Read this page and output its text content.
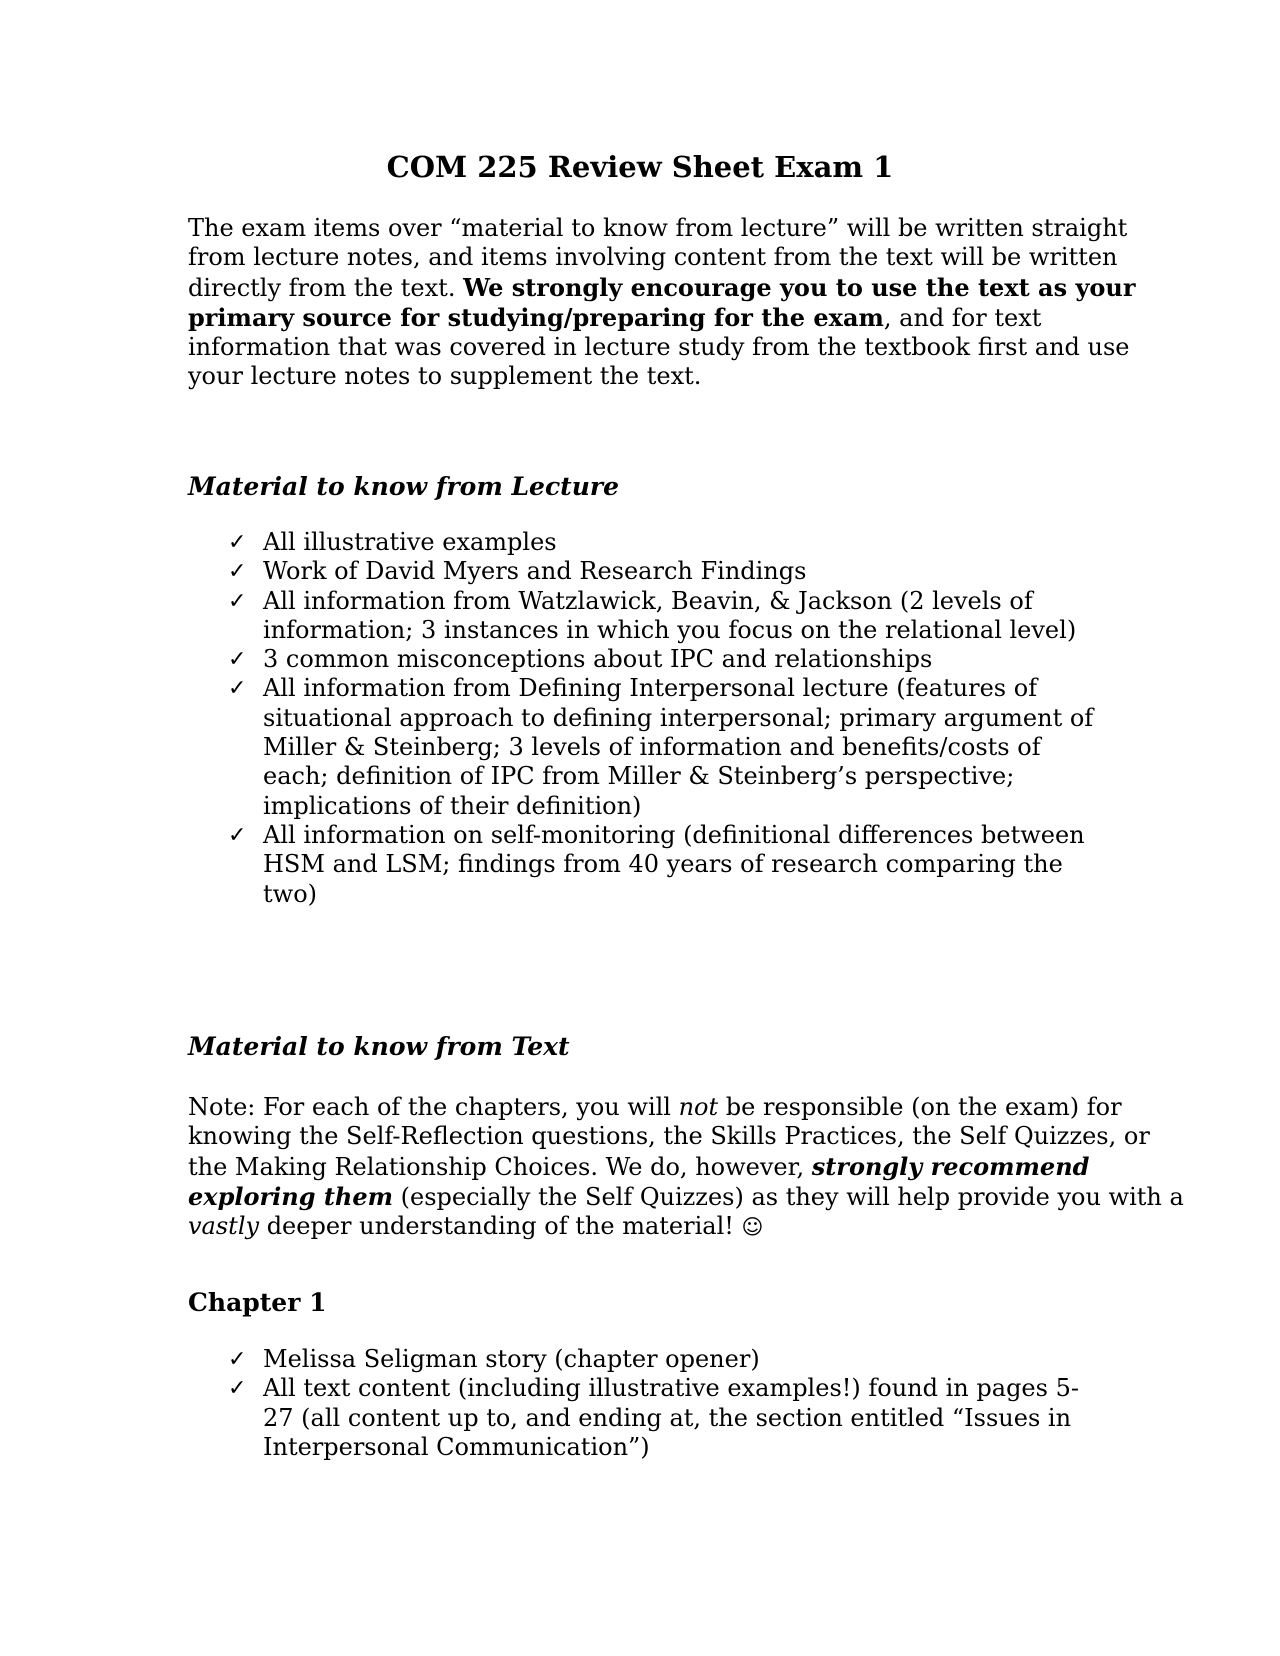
COM 225 Review Sheet Exam 1

The exam items over “material to know from lecture” will be written straight from lecture notes, and items involving content from the text will be written directly from the text. We strongly encourage you to use the text as your primary source for studying/preparing for the exam, and for text information that was covered in lecture study from the textbook first and use your lecture notes to supplement the text.

Material to know from Lecture
✓ All illustrative examples
✓ Work of David Myers and Research Findings
✓ All information from Watzlawick, Beavin, & Jackson (2 levels of information; 3 instances in which you focus on the relational level)
✓ 3 common misconceptions about IPC and relationships
✓ All information from Defining Interpersonal lecture (features of situational approach to defining interpersonal; primary argument of Miller & Steinberg; 3 levels of information and benefits/costs of each; definition of IPC from Miller & Steinberg’s perspective; implications of their definition)
✓ All information on self-monitoring (definitional differences between HSM and LSM; findings from 40 years of research comparing the two)
Material to know from Text

Note: For each of the chapters, you will not be responsible (on the exam) for knowing the Self-Reflection questions, the Skills Practices, the Self Quizzes, or the Making Relationship Choices. We do, however, strongly recommend exploring them (especially the Self Quizzes) as they will help provide you with a vastly deeper understanding of the material! ☺

Chapter 1
✓ Melissa Seligman story (chapter opener)
✓ All text content (including illustrative examples!) found in pages 5-27 (all content up to, and ending at, the section entitled “Issues in Interpersonal Communication”)
